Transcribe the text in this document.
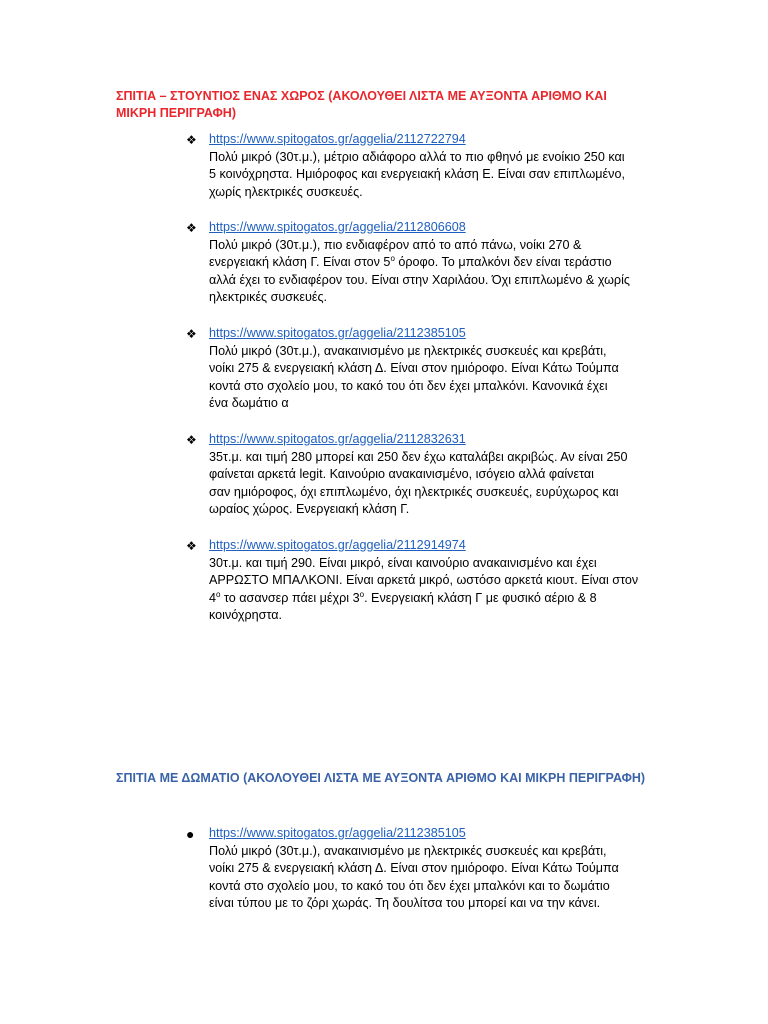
ΣΠΙΤΙΑ – ΣΤΟΥΝΤΙΟΣ ΕΝΑΣ ΧΩΡΟΣ (ΑΚΟΛΟΥΘΕΙ ΛΙΣΤΑ ΜΕ ΑΥΞΟΝΤΑ ΑΡΙΘΜΟ ΚΑΙ ΜΙΚΡΗ ΠΕΡΙΓΡΑΦΗ)
❖ https://www.spitogatos.gr/aggelia/2112722794

Πολύ μικρό (30τ.μ.), μέτριο αδιάφορο αλλά το πιο φθηνό με ενοίκιο 250 και
5 κοινόχρηστα. Ημιόροφος και ενεργειακή κλάση Ε. Είναι σαν επιπλωμένο,
χωρίς ηλεκτρικές συσκευές.

❖ https://www.spitogatos.gr/aggelia/2112806608

Πολύ μικρό (30τ.μ.), πιο ενδιαφέρον από το από πάνω, νοίκι 270 &
ενεργειακή κλάση Γ. Είναι στον $5^o$ όροφο. Το μπαλκόνι δεν είναι τεράστιο
αλλά έχει το ενδιαφέρον του. Είναι στην Χαριλάου. Όχι επιπλωμένο & χωρίς
ηλεκτρικές συσκευές.

❖ https://www.spitogatos.gr/aggelia/2112385105

Πολύ μικρό (30τ.μ.), ανακαινισμένο με ηλεκτρικές συσκευές και κρεβάτι,
νοίκι 275 & ενεργειακή κλάση Δ. Είναι στον ημιόροφο. Είναι Κάτω Τούμπα
κοντά στο σχολείο μου, το κακό του ότι δεν έχει μπαλκόνι. Κανονικά έχει
ένα δωμάτιο α

❖ https://www.spitogatos.gr/aggelia/2112832631

35τ.μ. και τιμή 280 μπορεί και 250 δεν έχω καταλάβει ακριβώς. Αν είναι 250
φαίνεται αρκετά legit. Καινούριο ανακαινισμένο, ισόγειο αλλά φαίνεται
σαν ημιόροφος, όχι επιπλωμένο, όχι ηλεκτρικές συσκευές, ευρύχωρος και
ωραίος χώρος. Ενεργειακή κλάση Γ.

❖ https://www.spitogatos.gr/aggelia/2112914974

30τ.μ. και τιμή 290. Είναι μικρό, είναι καινούριο ανακαινισμένο και έχει
ΑΡΡΩΣΤΟ ΜΠΑΛΚΟΝΙ. Είναι αρκετά μικρό, ωστόσο αρκετά κιουτ. Είναι στον
$4^o$ το ασανσερ πάει μέχρι $3^o$. Ενεργειακή κλάση Γ με φυσικό αέριο & 8
κοινόχρηστα.

ΣΠΙΤΙΑ ΜΕ ΔΩΜΑΤΙΟ (ΑΚΟΛΟΥΘΕΙ ΛΙΣΤΑ ΜΕ ΑΥΞΟΝΤΑ ΑΡΙΘΜΟ ΚΑΙ ΜΙΚΡΗ ΠΕΡΙΓΡΑΦΗ)
●	https://www.spitogatos.gr/aggelia/2112385105

Πολύ μικρό (30τ.μ.), ανακαινισμένο με ηλεκτρικές συσκευές και κρεβάτι,
νοίκι 275 & ενεργειακή κλάση Δ. Είναι στον ημιόροφο. Είναι Κάτω Τούμπα
κοντά στο σχολείο μου, το κακό του ότι δεν έχει μπαλκόνι και το δωμάτιο
είναι τύπου με το ζόρι χωράς. Τη δουλίτσα του μπορεί και να την κάνει.
